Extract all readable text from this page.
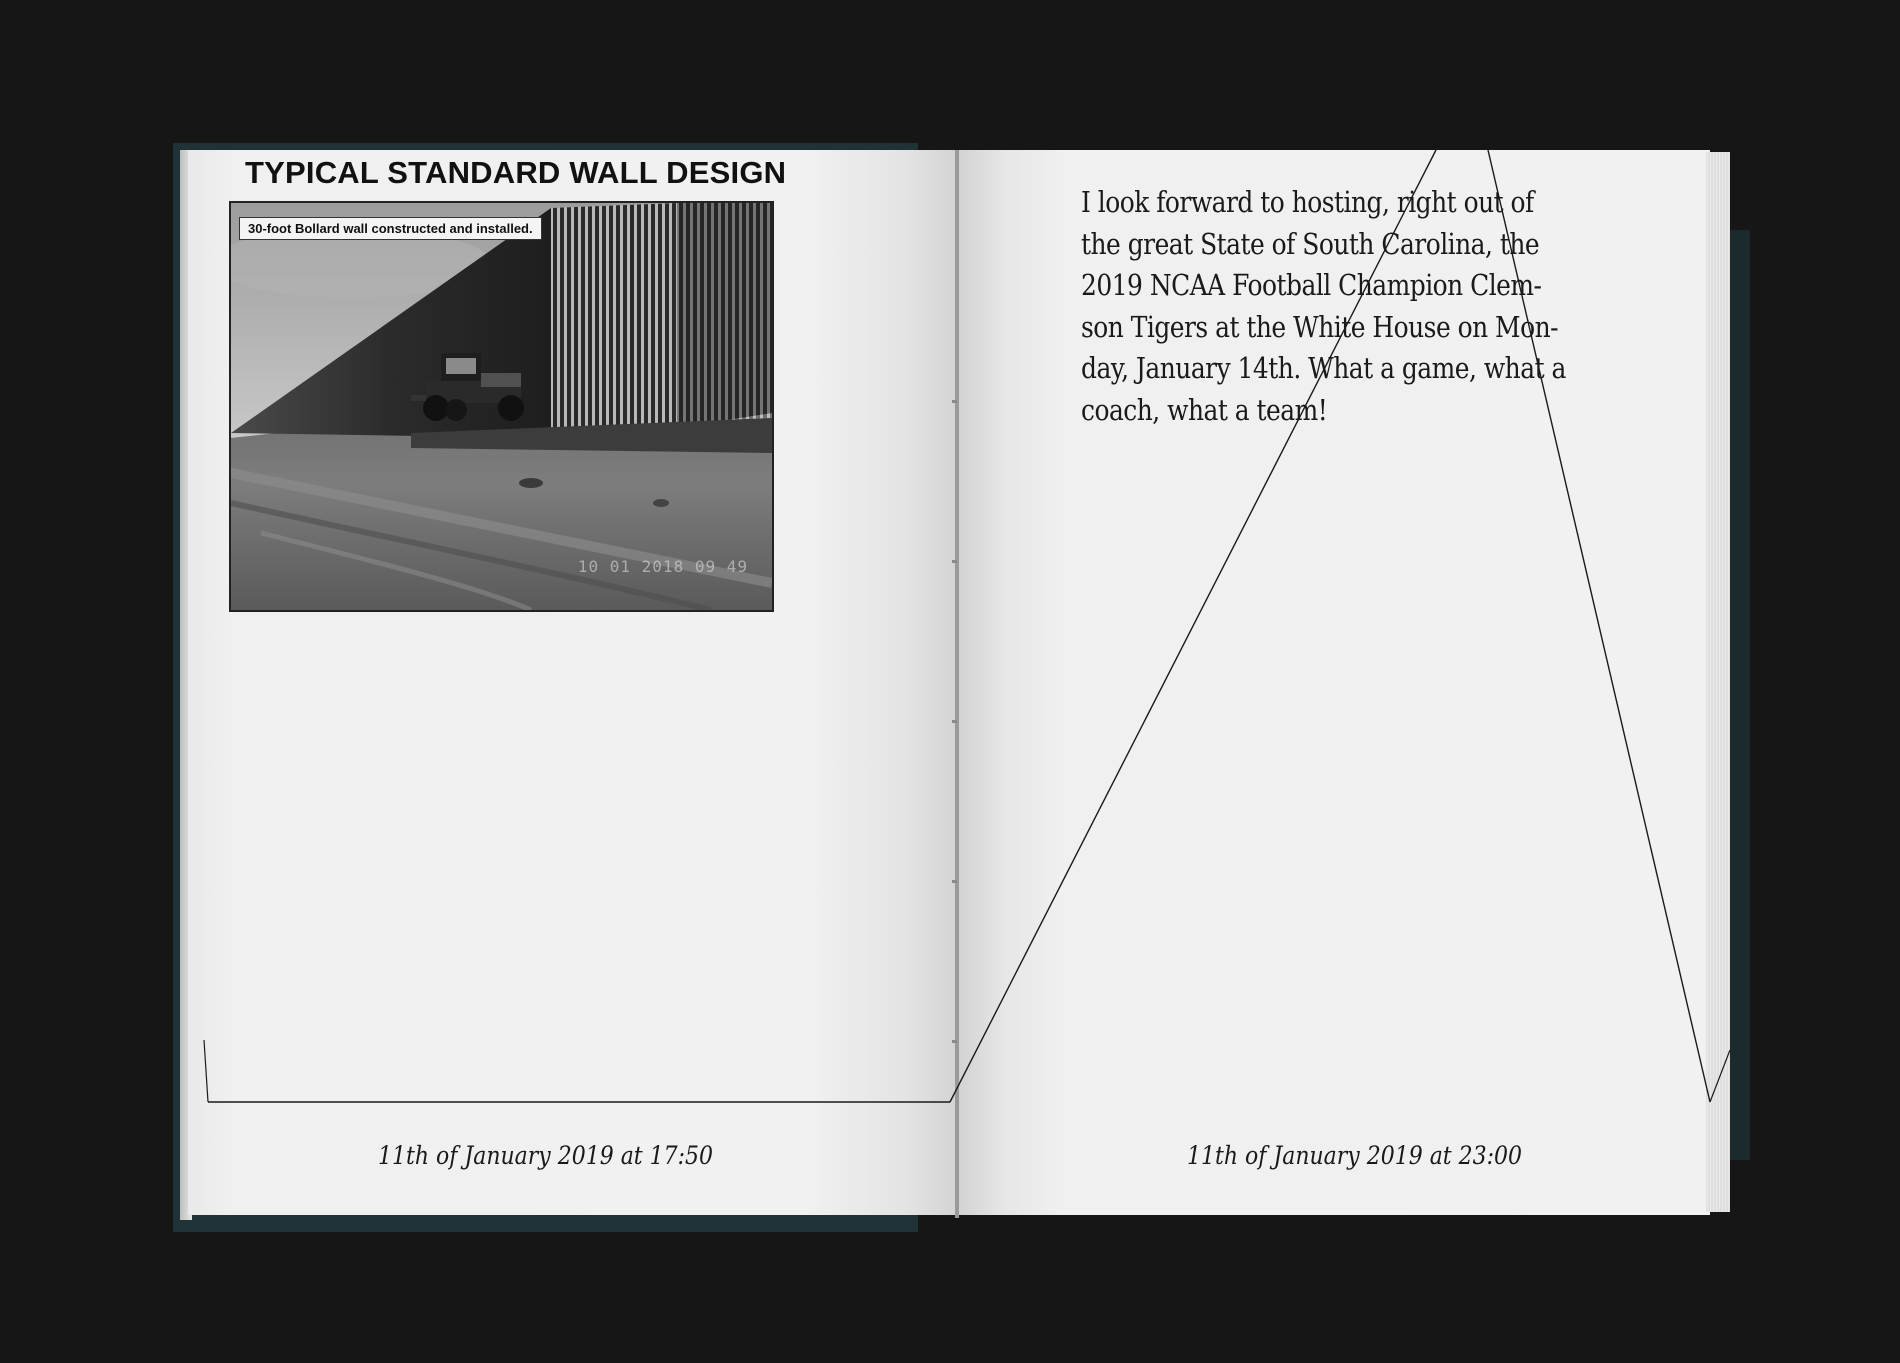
TYPICAL STANDARD WALL DESIGN
30-foot Bollard wall constructed and installed.
10 01 2018 09 49
I look forward to hosting, right out of
the great State of South Carolina, the
2019 NCAA Football Champion Clem-
son Tigers at the White House on Mon-
day, January 14th. What a game, what a
coach, what a team!
11th of January 2019 at 17:50	11th of January 2019 at 23:00
